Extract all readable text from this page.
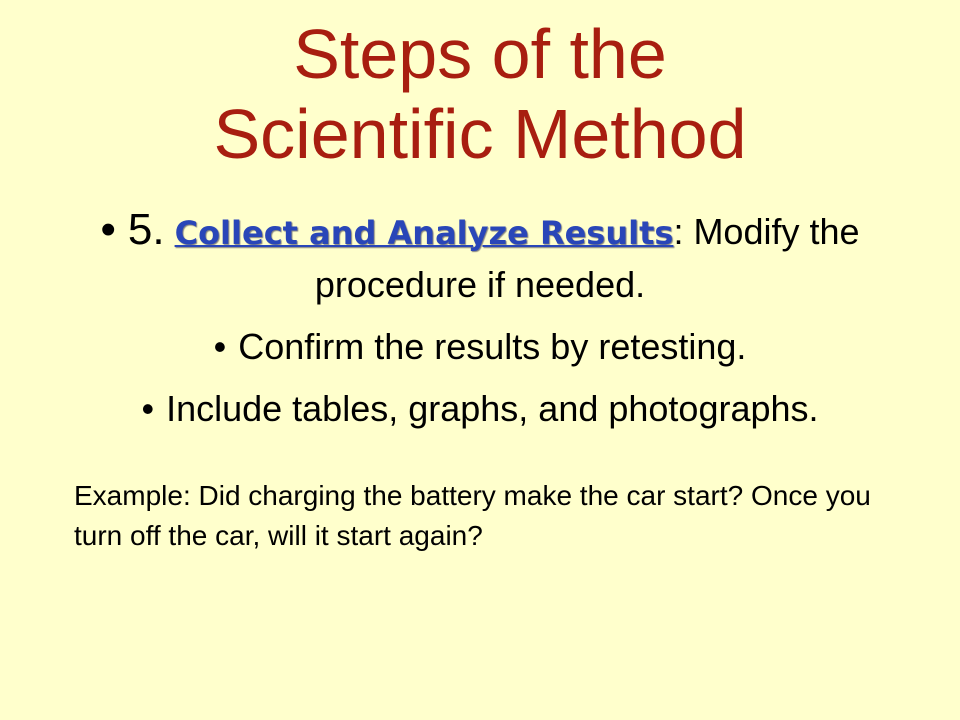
Steps of the
Scientific Method
• 5. Collect and Analyze Results: Modify the procedure if needed.
• Confirm the results by retesting.
• Include tables, graphs, and photographs.
Example: Did charging the battery make the car start? Once you turn off the car, will it start again?
